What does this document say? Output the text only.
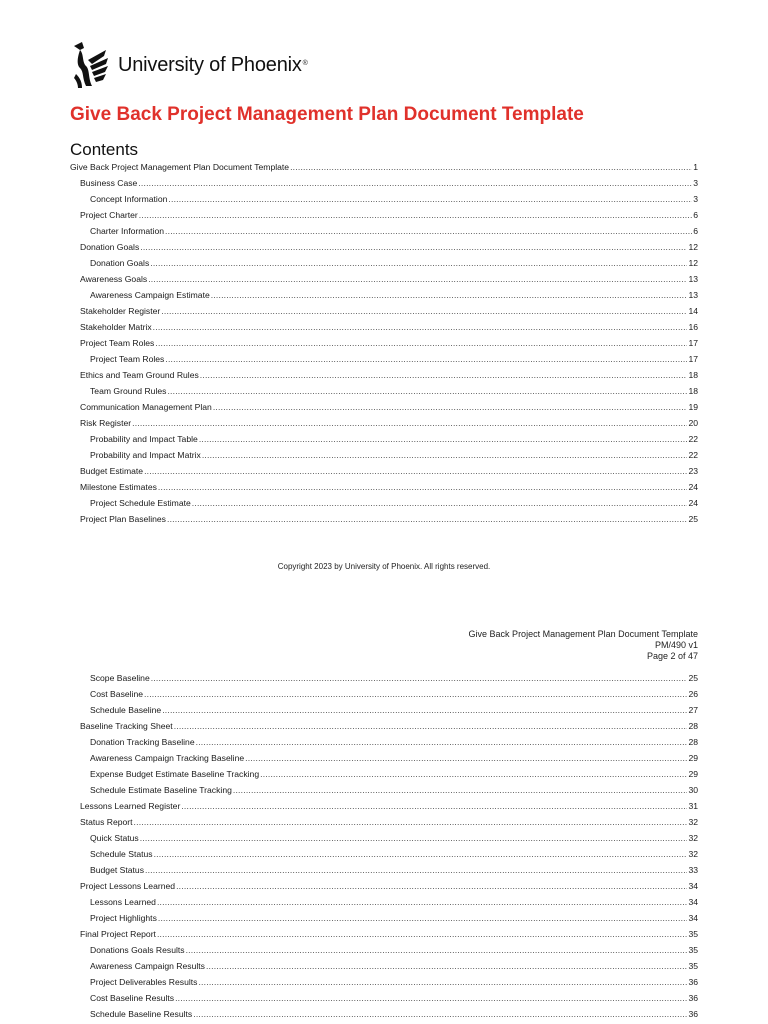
University of Phoenix®
Give Back Project Management Plan Document Template
Contents
Give Back Project Management Plan Document Template .....	1
Business Case .....	3
Concept Information .....	3
Project Charter .....	6
Charter Information .....	6
Donation Goals .....	12
Donation Goals .....	12
Awareness Goals .....	13
Awareness Campaign Estimate .....	13
Stakeholder Register .....	14
Stakeholder Matrix .....	16
Project Team Roles .....	17
Project Team Roles .....	17
Ethics and Team Ground Rules .....	18
Team Ground Rules .....	18
Communication Management Plan .....	19
Risk Register .....	20
Probability and Impact Table .....	22
Probability and Impact Matrix .....	22
Budget Estimate .....	23
Milestone Estimates .....	24
Project Schedule Estimate .....	24
Project Plan Baselines .....	25
Copyright 2023 by University of Phoenix. All rights reserved.
Give Back Project Management Plan Document Template
PM/490 v1
Page 2 of 47
Scope Baseline .....	25
Cost Baseline .....	26
Schedule Baseline .....	27
Baseline Tracking Sheet .....	28
Donation Tracking Baseline .....	28
Awareness Campaign Tracking Baseline .....	29
Expense Budget Estimate Baseline Tracking .....	29
Schedule Estimate Baseline Tracking .....	30
Lessons Learned Register .....	31
Status Report .....	32
Quick Status .....	32
Schedule Status .....	32
Budget Status .....	33
Project Lessons Learned .....	34
Lessons Learned .....	34
Project Highlights .....	34
Final Project Report .....	35
Donations Goals Results .....	35
Awareness Campaign Results .....	35
Project Deliverables Results .....	36
Cost Baseline Results .....	36
Schedule Baseline Results .....	36
